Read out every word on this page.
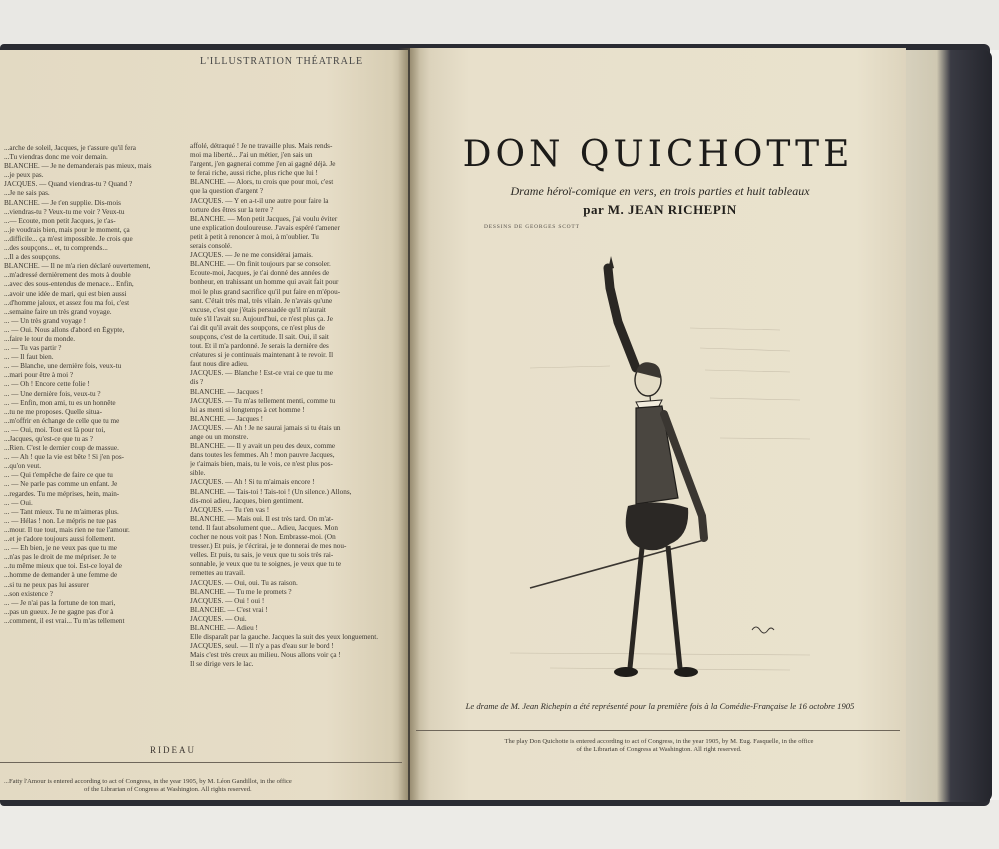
L'ILLUSTRATION THÉATRALE
...arche de soleil, Jacques, je t'assure qu'il fera
...Tu viendras donc me voir demain.
BLANCHE. — Je ne demanderais pas mieux, mais
...je peux pas.
JACQUES. — Quand viendras-tu ? Quand ?
...Je ne sais pas.
BLANCHE. — Je t'en supplie. Dis-mois
...viendras-tu ? Veux-tu me voir ? Veux-tu
...— Ecoute, mon petit Jacques, je t'as-
...je voudrais bien, mais pour le moment, ça
...difficile... ça m'est impossible. Je crois que
...des soupçons... et, tu comprends...
...Il a des soupçons.
BLANCHE. — Il ne m'a rien déclaré ouvertement,
...m'adressé dernièrement des mots à double
...avec des sous-entendus de menace... Enfin,
...avoir une idée de mari, qui est bien aussi
...d'homme jaloux, et assez fou ma foi, c'est
...semaine faire un très grand voyage.
... — Un très grand voyage !
... — Oui. Nous allons d'abord en Égypte,
...faire le tour du monde.
... — Tu vas partir ?
... — Il faut bien.
... — Blanche, une dernière fois, veux-tu
...mari pour être à moi ?
... — Oh ! Encore cette folie !
... — Une dernière fois, veux-tu ?
... — Enfin, mon ami, tu es un honnête
...tu ne me proposes. Quelle situa-
...m'offrir en échange de celle que tu me
... — Oui, moi. Tout est là pour toi,
...Jacques, qu'est-ce que tu as ?
...Rien. C'est le dernier coup de massue.
... — Ah ! que la vie est bête ! Si j'en pos-
...qu'on veut.
... — Qui t'empêche de faire ce que tu
... — Ne parle pas comme un enfant. Je
...regardes. Tu me méprises, hein, main-
... — Oui.
... — Tant mieux. Tu ne m'aimeras plus.
... — Hélas ! non. Le mépris ne tue pas
...mour. Il tue tout, mais rien ne tue l'amour.
...et je t'adore toujours aussi follement.
... — Eh bien, je ne veux pas que tu me
...n'as pas le droit de me mépriser. Je te
...tu même mieux que toi. Est-ce loyal de
...homme de demander à une femme de
...si tu ne peux pas lui assurer
...son existence ?
... — Je n'ai pas la fortune de ton mari,
...pas un gueux. Je ne gagne pas d'or à
...comment, il est vrai... Tu m'as tellement
affolé, détraqué ! Je ne travaille plus. Mais rends-
moi ma liberté... J'ai un métier, j'en sais un
l'argent, j'en gagnerai comme j'en ai gagné déjà. Je
te ferai riche, aussi riche, plus riche que lui !
BLANCHE. — Alors, tu crois que pour moi, c'est
que la question d'argent ?
JACQUES. — Y en a-t-il une autre pour faire la
torture des êtres sur la terre ?
BLANCHE. — Mon petit Jacques, j'ai voulu éviter
une explication douloureuse. J'avais espéré t'amener
petit à petit à renoncer à moi, à m'oublier. Tu
serais consolé.
JACQUES. — Je ne me considérai jamais.
BLANCHE. — On finit toujours par se consoler.
Ecoute-moi, Jacques, je t'ai donné des années de
bonheur, en trahissant un homme qui avait fait pour
moi le plus grand sacrifice qu'il put faire en m'épou-
sant. C'était très mal, très vilain. Je n'avais qu'une
excuse, c'est que j'étais persuadée qu'il m'aurait
tuée s'il l'avait su. Aujourd'hui, ce n'est plus ça. Je
t'ai dit qu'il avait des soupçons, ce n'est plus de
soupçons, c'est de la certitude. Il sait. Oui, il sait
tout. Et il m'a pardonné. Je serais la dernière des
créatures si je continuais maintenant à te revoir. Il
faut nous dire adieu.
JACQUES. — Blanche ! Est-ce vrai ce que tu me
dis ?
BLANCHE. — Jacques !
JACQUES. — Tu m'as tellement menti, comme tu
lui as menti si longtemps à cet homme !
BLANCHE. — Jacques !
JACQUES. — Ah ! Je ne saurai jamais si tu étais un
ange ou un monstre.
BLANCHE. — Il y avait un peu des deux, comme
dans toutes les femmes. Ah ! mon pauvre Jacques,
je t'aimais bien, mais, tu le vois, ce n'est plus pos-
sible.
JACQUES. — Ah ! Si tu m'aimais encore !
BLANCHE. — Tais-toi ! Tais-toi ! (Un silence.) Allons,
dis-moi adieu, Jacques, bien gentiment.
JACQUES. — Tu t'en vas !
BLANCHE. — Mais oui. Il est très tard. On m'at-
tend. Il faut absolument que... Adieu, Jacques. Mon
cocher ne nous voit pas ! Non. Embrasse-moi. (On
tresser.) Et puis, je t'écrirai, je te donnerai de mes nou-
velles. Et puis, tu sais, je veux que tu sois très rai-
sonnable, je veux que tu te soignes, je veux que tu te
remettes au travail.
JACQUES. — Oui, oui. Tu as raison.
BLANCHE. — Tu me le promets ?
JACQUES. — Oui ! oui !
BLANCHE. — C'est vrai !
JACQUES. — Oui.
BLANCHE. — Adieu !
Elle disparaît par la gauche. Jacques la suit des yeux longuement.
JACQUES, seul. — Il n'y a pas d'eau sur le bord !
Mais c'est très creux au milieu. Nous allons voir ça !
Il se dirige vers le lac.
RIDEAU
...Fatty l'Amour is entered according to act of Congress, in the year 1905, by M. Léon Gandillot, in the office
of the Librarian of Congress at Washington. All rights reserved.
DON QUICHOTTE
Drame héroï-comique en vers, en trois parties et huit tableaux
par M. JEAN RICHEPIN
DESSINS DE GEORGES SCOTT
Le drame de M. Jean Richepin a été représenté pour la première fois à la Comédie-Française le 16 octobre 1905
The play Don Quichotte is entered according to act of Congress, in the year 1905, by M. Eug. Fasquelle, in the office
of the Librarian of Congress at Washington. All right reserved.
